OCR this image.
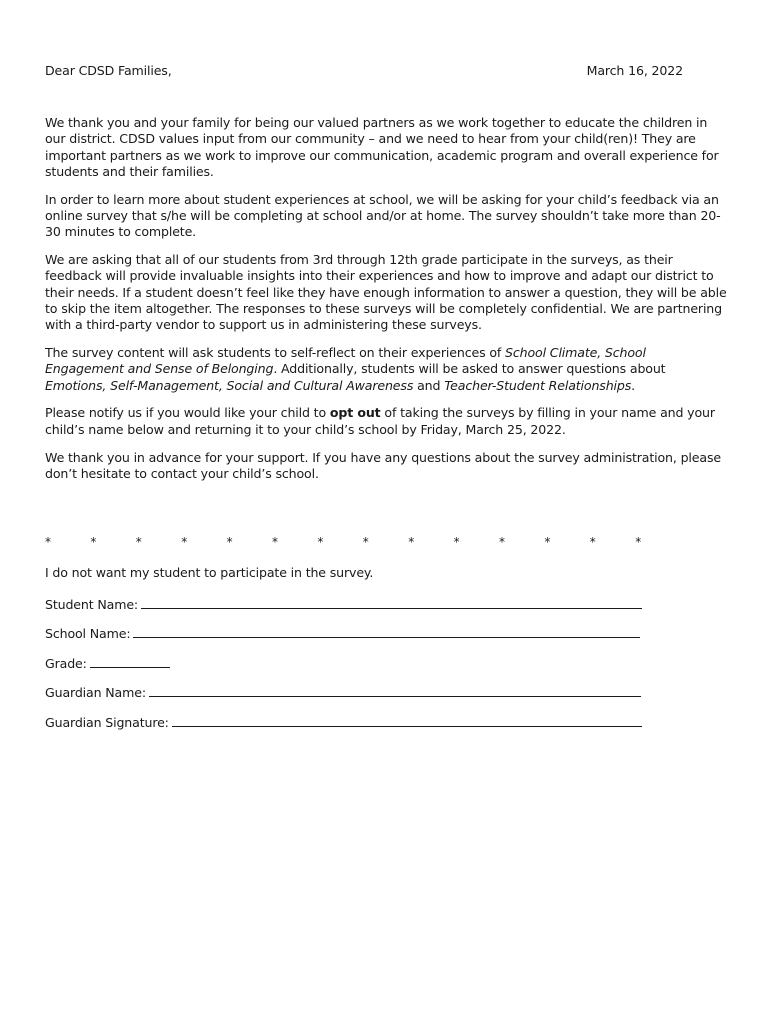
Dear CDSD Families,	March 16, 2022

We thank you and your family for being our valued partners as we work together to educate the children in our district. CDSD values input from our community – and we need to hear from your child(ren)! They are important partners as we work to improve our communication, academic program and overall experience for students and their families.

In order to learn more about student experiences at school, we will be asking for your child’s feedback via an online survey that s/he will be completing at school and/or at home. The survey shouldn’t take more than 20-30 minutes to complete.

We are asking that all of our students from 3rd through 12th grade participate in the surveys, as their feedback will provide invaluable insights into their experiences and how to improve and adapt our district to their needs. If a student doesn’t feel like they have enough information to answer a question, they will be able to skip the item altogether. The responses to these surveys will be completely confidential. We are partnering with a third-party vendor to support us in administering these surveys.

The survey content will ask students to self-reflect on their experiences of School Climate, School Engagement and Sense of Belonging. Additionally, students will be asked to answer questions about Emotions, Self-Management, Social and Cultural Awareness and Teacher-Student Relationships.

Please notify us if you would like your child to opt out of taking the surveys by filling in your name and your child’s name below and returning it to your child’s school by Friday, March 25, 2022.

We thank you in advance for your support. If you have any questions about the survey administration, please don’t hesitate to contact your child’s school.

*	*	*	*	*	*	*	*	*	*	*	*	*	*
I do not want my student to participate in the survey.
Student Name:
School Name:
Grade:
Guardian Name:
Guardian Signature:
